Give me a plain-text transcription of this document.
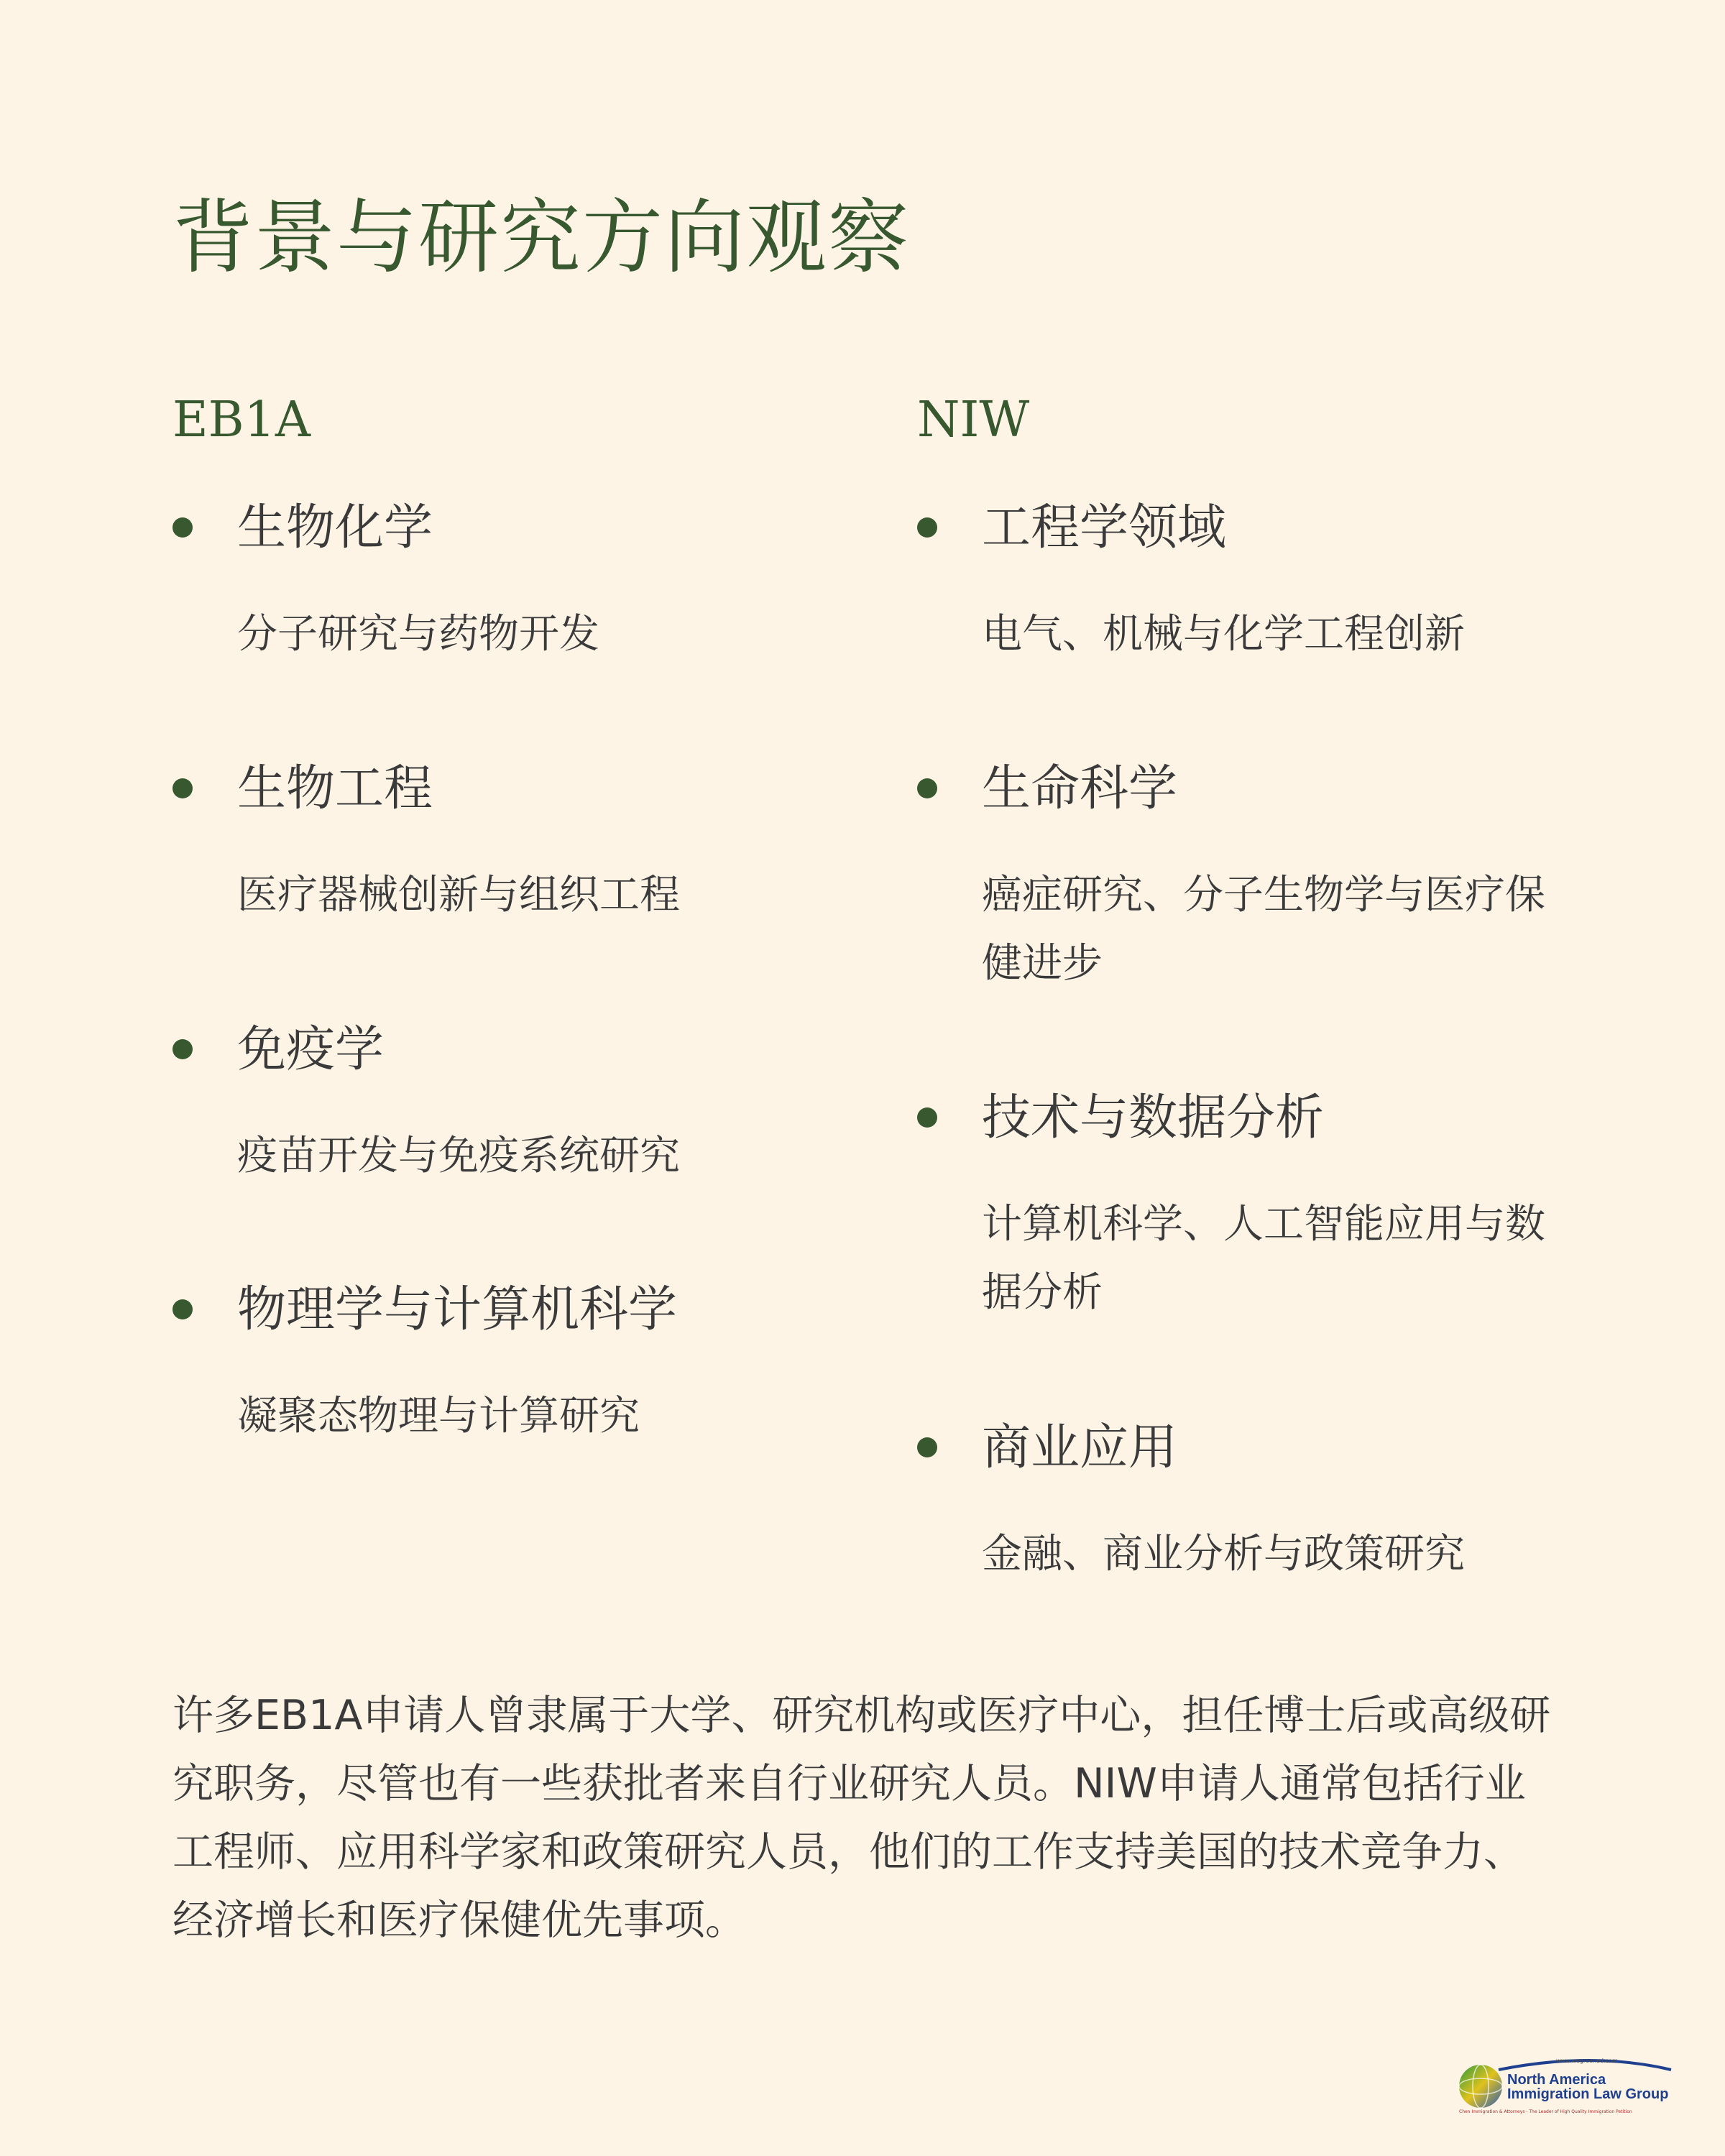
背景与研究方向观察
EB1A
生物化学
分子研究与药物开发
生物工程
医疗器械创新与组织工程
免疫学
疫苗开发与免疫系统研究
物理学与计算机科学
凝聚态物理与计算研究
NIW
工程学领域
电气、机械与化学工程创新
生命科学
癌症研究、分子生物学与医疗保健进步
技术与数据分析
计算机科学、人工智能应用与数据分析
商业应用
金融、商业分析与政策研究

许多EB1A申请人曾隶属于大学、研究机构或医疗中心，担任博士后或高级研究职务，尽管也有一些获批者来自行业研究人员。NIW申请人通常包括行业工程师、应用科学家和政策研究人员，他们的工作支持美国的技术竞争力、经济增长和医疗保健优先事项。

www.wegreened.com
North America
Immigration Law Group
Chen Immigration & Attorneys - The Leader of High Quality Immigration Petition
